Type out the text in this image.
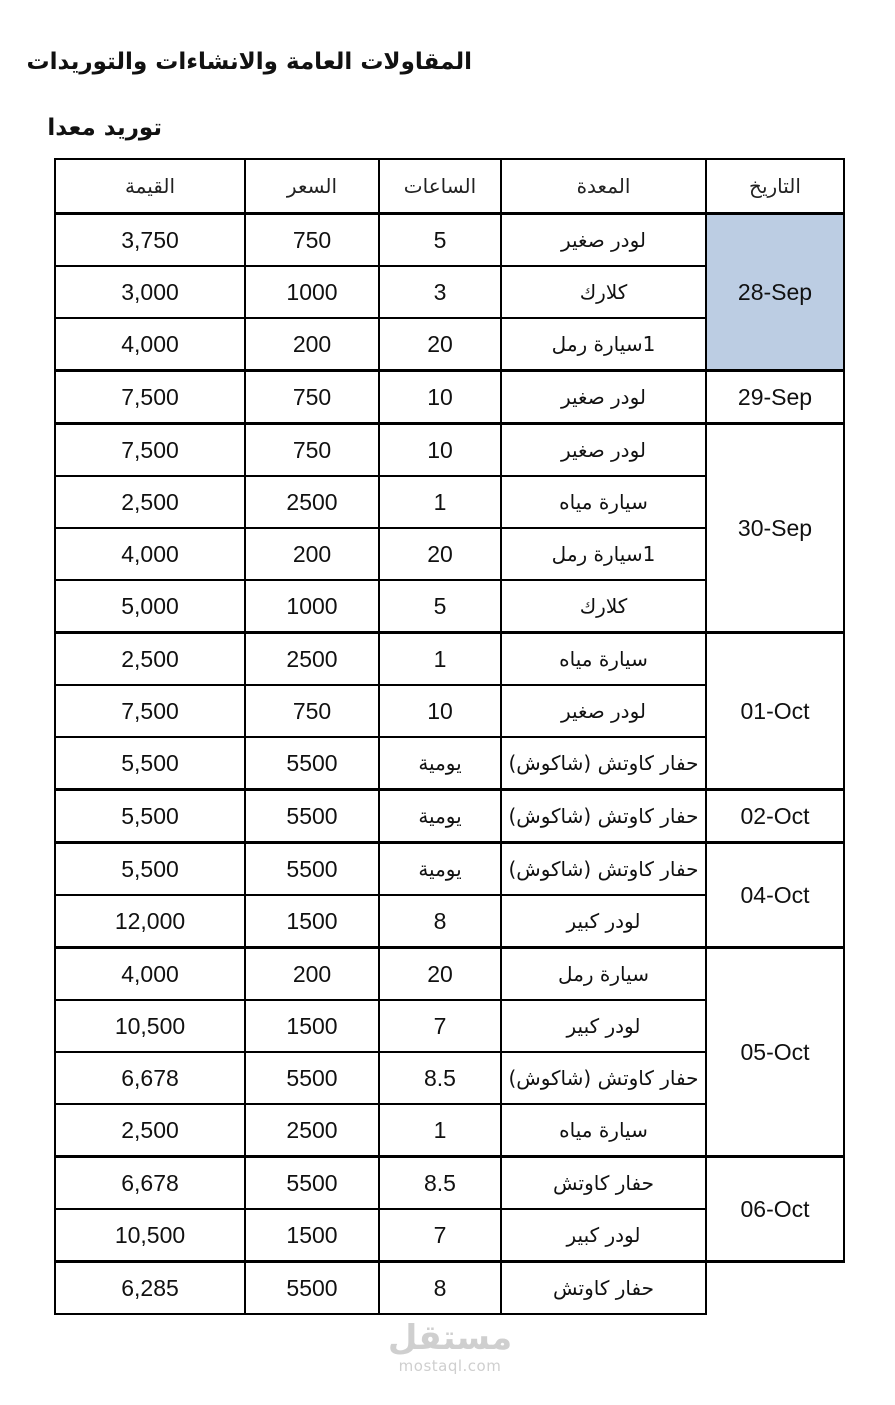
المقاولات العامة والانشاءات والتوريدات
توريد معدا
القيمة	السعر	الساعات	المعدة	التاريخ
3,750	750	5	لودر صغير	28-Sep
3,000	1000	3	كلارك	
4,000	200	20	1سيارة رمل	
7,500	750	10	لودر صغير	29-Sep
7,500	750	10	لودر صغير	30-Sep
2,500	2500	1	سيارة مياه	
4,000	200	20	1سيارة رمل	
5,000	1000	5	كلارك	
2,500	2500	1	سيارة مياه	01-Oct
7,500	750	10	لودر صغير	
5,500	5500	يومية	حفار كاوتش (شاكوش)	
5,500	5500	يومية	حفار كاوتش (شاكوش)	02-Oct
5,500	5500	يومية	حفار كاوتش (شاكوش)	04-Oct
12,000	1500	8	لودر كبير	
4,000	200	20	سيارة رمل	05-Oct
10,500	1500	7	لودر كبير	
6,678	5500	8.5	حفار كاوتش (شاكوش)	
2,500	2500	1	سيارة مياه	
6,678	5500	8.5	حفار كاوتش	06-Oct
10,500	1500	7	لودر كبير	
6,285	5500	8	حفار كاوتش	
مستقل
mostaql.com
